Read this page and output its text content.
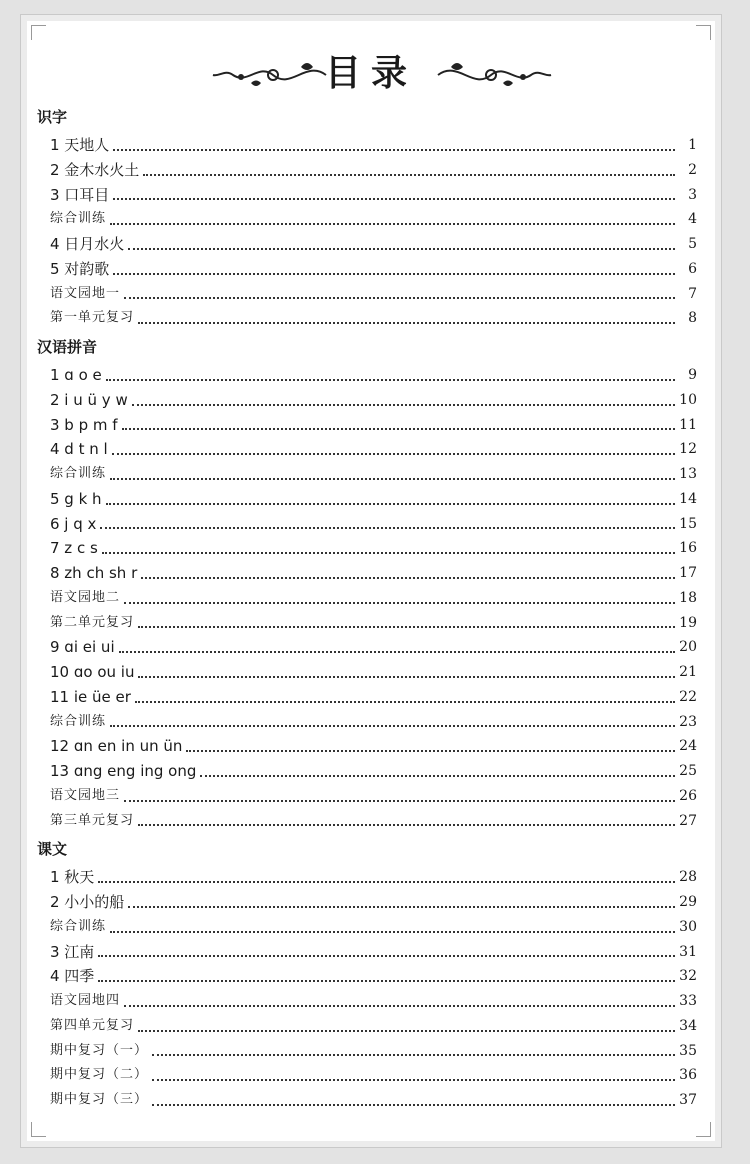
目录
识字
1 天地人	1
2 金木水火土	2
3 口耳目	3
综合训练	4
4 日月水火	5
5 对韵歌	6
语文园地一	7
第一单元复习	8
汉语拼音
1 ɑ o e	9
2 i u ü y w	10
3 b p m f	11
4 d t n l	12
综合训练	13
5 g k h	14
6 j q x	15
7 z c s	16
8 zh ch sh r	17
语文园地二	18
第二单元复习	19
9 ɑi ei ui	20
10 ɑo ou iu	21
11 ie üe er	22
综合训练	23
12 ɑn en in un ün	24
13 ɑng eng ing ong	25
语文园地三	26
第三单元复习	27
课文
1 秋天	28
2 小小的船	29
综合训练	30
3 江南	31
4 四季	32
语文园地四	33
第四单元复习	34
期中复习（一）	35
期中复习（二）	36
期中复习（三）	37
